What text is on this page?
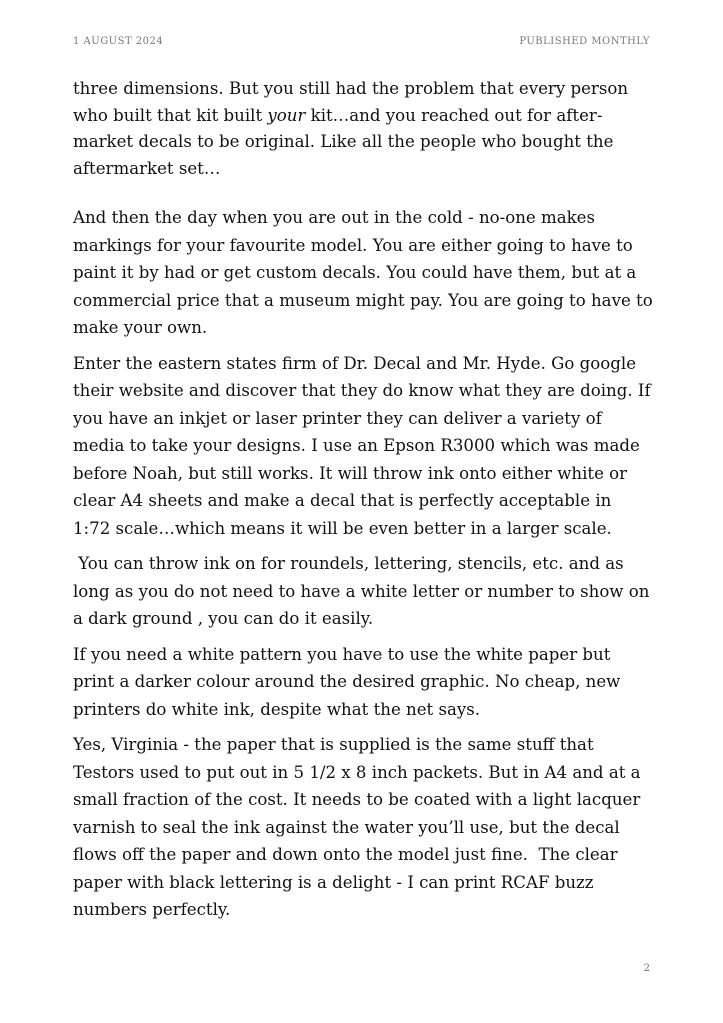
1 AUGUST 2024	PUBLISHED MONTHLY

three dimensions. But you still had the problem that every person who built that kit built your kit…and you reached out for after-market decals to be original. Like all the people who bought the aftermarket set…

And then the day when you are out in the cold - no-one makes markings for your favourite model. You are either going to have to paint it by had or get custom decals. You could have them, but at a commercial price that a museum might pay. You are going to have to make your own.

Enter the eastern states firm of Dr. Decal and Mr. Hyde. Go google their website and discover that they do know what they are doing. If you have an inkjet or laser printer they can deliver a variety of media to take your designs. I use an Epson R3000 which was made before Noah, but still works. It will throw ink onto either white or clear A4 sheets and make a decal that is perfectly acceptable in 1:72 scale…which means it will be even better in a larger scale.

You can throw ink on for roundels, lettering, stencils, etc. and as long as you do not need to have a white letter or number to show on a dark ground , you can do it easily.

If you need a white pattern you have to use the white paper but print a darker colour around the desired graphic. No cheap, new printers do white ink, despite what the net says.

Yes, Virginia - the paper that is supplied is the same stuff that Testors used to put out in 5 1/2 x 8 inch packets. But in A4 and at a small fraction of the cost. It needs to be coated with a light lacquer varnish to seal the ink against the water you’ll use, but the decal flows off the paper and down onto the model just fine.  The clear paper with black lettering is a delight - I can print RCAF buzz numbers perfectly.

2
